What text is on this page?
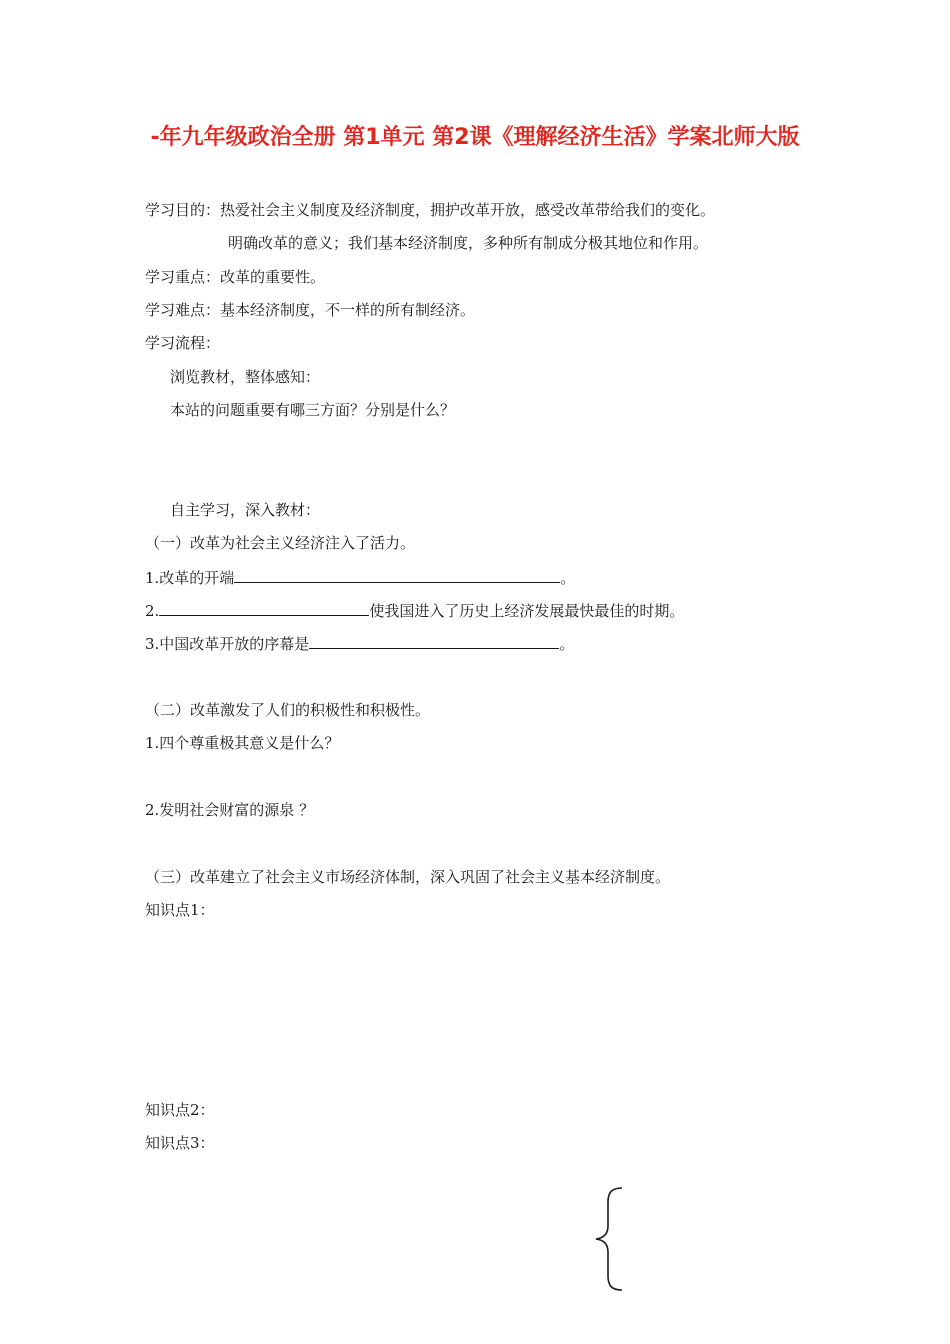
-年九年级政治全册 第1单元 第2课《理解经济生活》学案北师大版
学习目的：热爱社会主义制度及经济制度，拥护改革开放，感受改革带给我们的变化。
明确改革的意义；我们基本经济制度，多种所有制成分极其地位和作用。
学习重点：改革的重要性。
学习难点：基本经济制度，不一样的所有制经济。
学习流程：
浏览教材，整体感知：
本站的问题重要有哪三方面？分别是什么？
自主学习，深入教材：
（一）改革为社会主义经济注入了活力。
1.改革的开端	。
2.	使我国进入了历史上经济发展最快最佳的时期。
3.中国改革开放的序幕是	。
（二）改革激发了人们的积极性和积极性。
1.四个尊重极其意义是什么？
2.发明社会财富的源泉 ？
（三）改革建立了社会主义市场经济体制，深入巩固了社会主义基本经济制度。
知识点1：
知识点2：
知识点3：
